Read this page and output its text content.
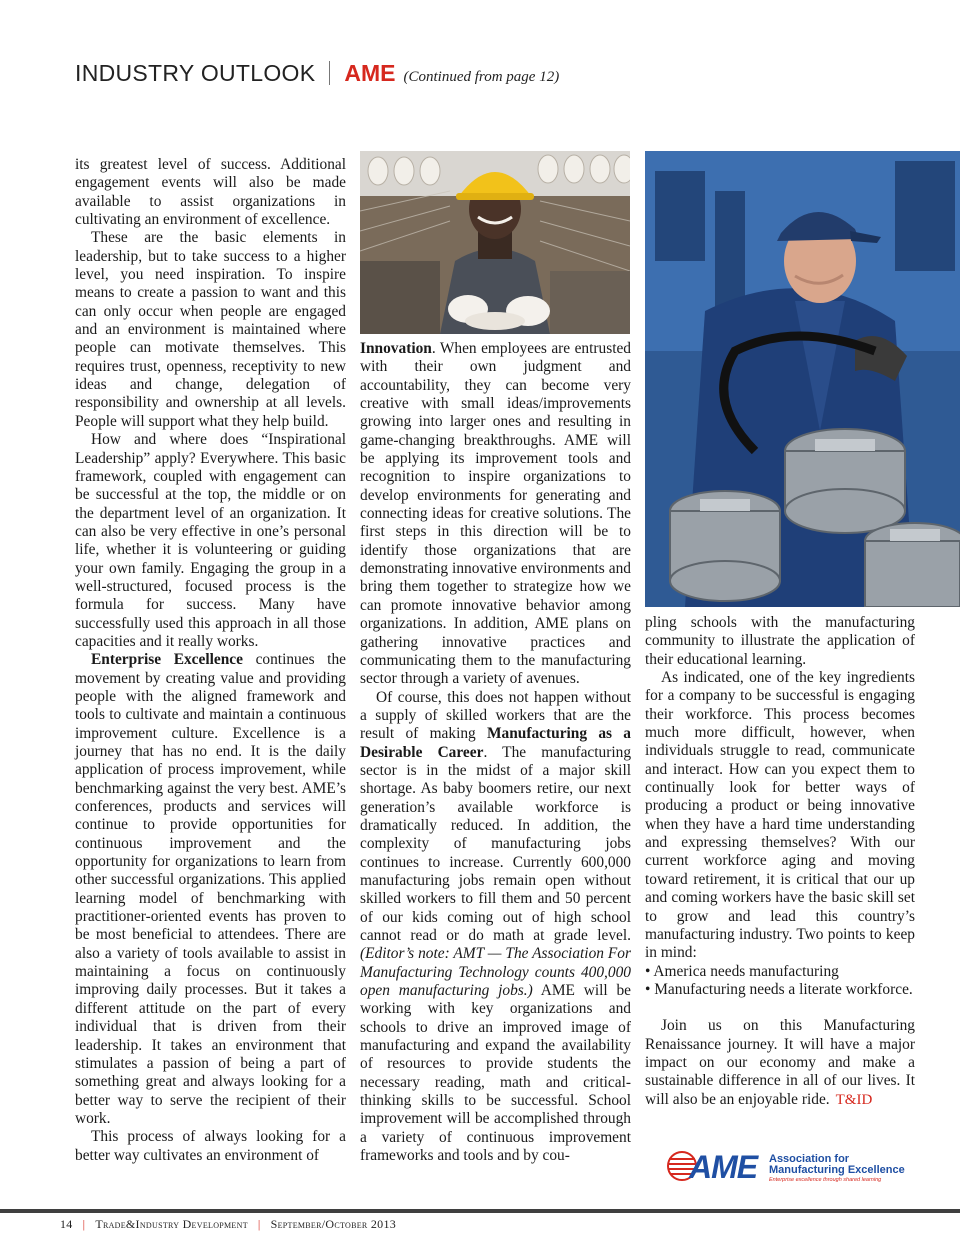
INDUSTRY OUTLOOK AME (Continued from page 12)

its greatest level of success. Additional engagement events will also be made available to assist organizations in cultivating an environment of excellence.

These are the basic elements in leadership, but to take success to a higher level, you need inspiration. To inspire means to create a passion to want and this can only occur when people are engaged and an environment is maintained where people can motivate themselves. This requires trust, openness, receptivity to new ideas and change, delegation of responsibility and ownership at all levels. People will support what they help build.

How and where does “Inspirational Leadership” apply? Everywhere. This basic framework, coupled with engagement can be successful at the top, the middle or on the department level of an organization. It can also be very effective in one’s personal life, whether it is volunteering or guiding your own family. Engaging the group in a well-structured, focused process is the formula for success. Many have successfully used this approach in all those capacities and it really works.

Enterprise Excellence continues the movement by creating value and providing people with the aligned framework and tools to cultivate and maintain a continuous improvement culture. Excellence is a journey that has no end. It is the daily application of process improvement, while benchmarking against the very best. AME’s conferences, products and services will continue to provide opportunities for continuous improvement and the opportunity for organizations to learn from other successful organizations. This applied learning model of benchmarking with practitioner-oriented events has proven to be most beneficial to attendees. There are also a variety of tools available to assist in maintaining a focus on continuously improving daily processes. But it takes a different attitude on the part of every individual that is driven from their leadership. It takes an environment that stimulates a passion of being a part of something great and always looking for a better way to serve the recipient of their work.

This process of always looking for a better way cultivates an environment of

Innovation. When employees are entrusted with their own judgment and accountability, they can become very creative with small ideas/improvements growing into larger ones and resulting in game-changing breakthroughs. AME will be applying its improvement tools and recognition to inspire organizations to develop environments for generating and connecting ideas for creative solutions. The first steps in this direction will be to identify those organizations that are demonstrating innovative environments and bring them together to strategize how we can promote innovative behavior among organizations. In addition, AME plans on gathering innovative practices and communicating them to the manufacturing sector through a variety of avenues.

Of course, this does not happen without a supply of skilled workers that are the result of making Manufacturing as a Desirable Career. The manufacturing sector is in the midst of a major skill shortage. As baby boomers retire, our next generation’s available workforce is dramatically reduced. In addition, the complexity of manufacturing jobs continues to increase. Currently 600,000 manufacturing jobs remain open without skilled workers to fill them and 50 percent of our kids coming out of high school cannot read or do math at grade level. (Editor’s note: AMT — The Association For Manufacturing Technology counts 400,000 open manufacturing jobs.) AME will be working with key organizations and schools to drive an improved image of manufacturing and expand the availability of resources to provide students the necessary reading, math and critical-thinking skills to be successful. School improvement will be accomplished through a variety of continuous improvement frameworks and tools and by cou-

pling schools with the manufacturing community to illustrate the application of their educational learning.

As indicated, one of the key ingredients for a company to be successful is engaging their workforce. This process becomes much more difficult, however, when individuals struggle to read, communicate and interact. How can you expect them to continually look for better ways of producing a product or being innovative when they have a hard time understanding and expressing themselves? With our current workforce aging and moving toward retirement, it is critical that our up and coming workers have the basic skill set to grow and lead this country’s manufacturing industry. Two points to keep in mind:

• America needs manufacturing
• Manufacturing needs a literate workforce.

Join us on this Manufacturing Renaissance journey. It will have a major impact on our economy and make a sustainable difference in all of our lives. It will also be an enjoyable ride. T&ID

AME Association for
Manufacturing Excellence
Enterprise excellence through shared learning
14 | Trade&Industry Development | September/October 2013
